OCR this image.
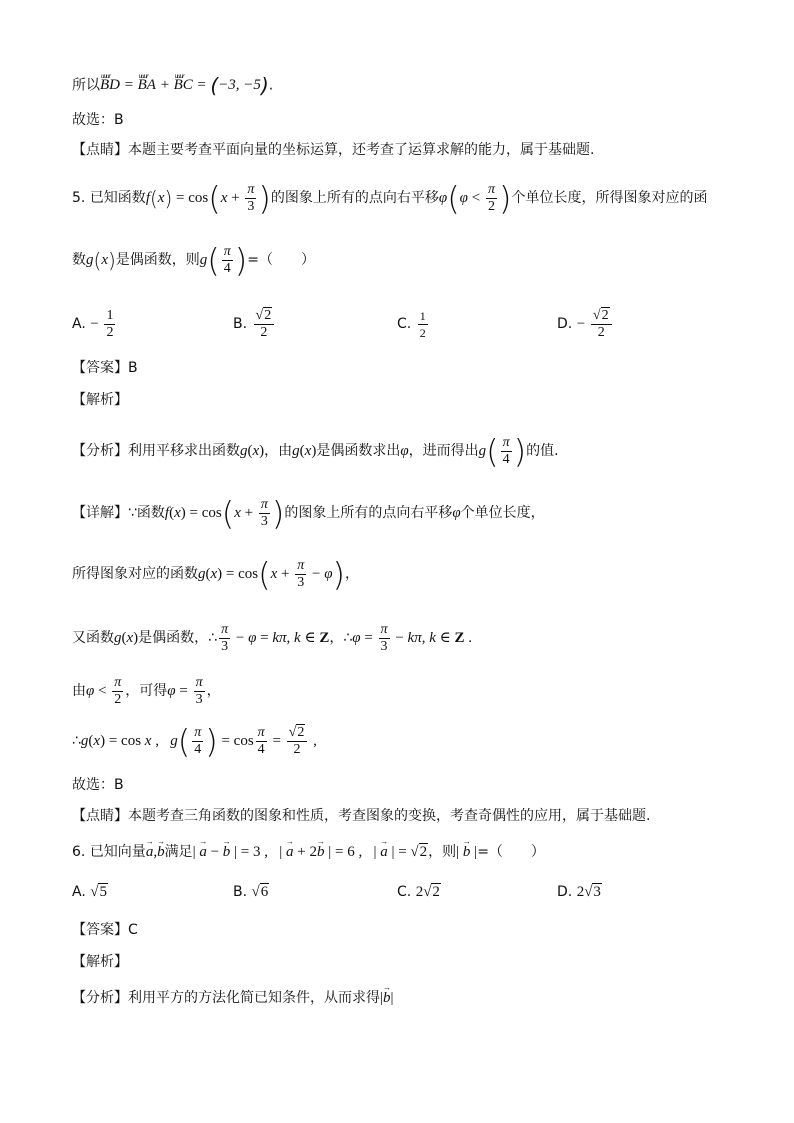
所以uuur BD = uuur BA + uuur BC = (−3, −5).
故选：B
【点睛】本题主要考查平面向量的坐标运算，还考查了运算求解的能力，属于基础题.
5. 已知函数$f(x) = \cos(x + \frac{\pi}{3}$ )的图象上所有的点向右平移$\varphi(\varphi < \frac{\pi}{2}$ )个单位长度，所得图象对应的函
数g(x)是偶函数，则$g( \frac{\pi}{4}$ )=（　　）
A. − $\frac{1}{2}$	B. $\frac{√2}{2}$	C. $\frac{1}{2}$	D. − $\frac{√2}{2}$
【答案】B
【解析】
【分析】利用平移求出函数g(x)，由g(x)是偶函数求出φ，进而得出$g( \frac{\pi}{4}$ )的值.
【详解】∵函数$f(x) = \cos(x + \frac{\pi}{3}$ )的图象上所有的点向右平移φ个单位长度，
所得图象对应的函数$g(x) = \cos(x + \frac{\pi}{3} - \varphi)$，
又函数g(x)是偶函数，∴ $\frac{\pi}{3} - \varphi = k\pi$, k ∈ Z，∴φ = $\frac{\pi}{3} - k\pi$, k ∈ Z .
由$\varphi < \frac{\pi}{2}$ ，可得$\varphi = \frac{\pi}{3}$ ，
∴g(x) = cos x ,   $g( \frac{\pi}{4}$ ) = $\cos \frac{\pi}{4} = \frac{√2}{2}$ ,
故选：B
【点睛】本题考查三角函数的图象和性质，考查图象的变换，考查奇偶性的应用，属于基础题.
6. 已知向量→ a,→ b满足| → a − → b | = 3 ,   | → a + 2→ b | = 6 ,   | → a | = √2，则| → b |=（　　）
A. √5	B. √6	C. 2√2	D. 2√3
【答案】C
【解析】
【分析】利用平方的方法化简已知条件，从而求得|→ b|
